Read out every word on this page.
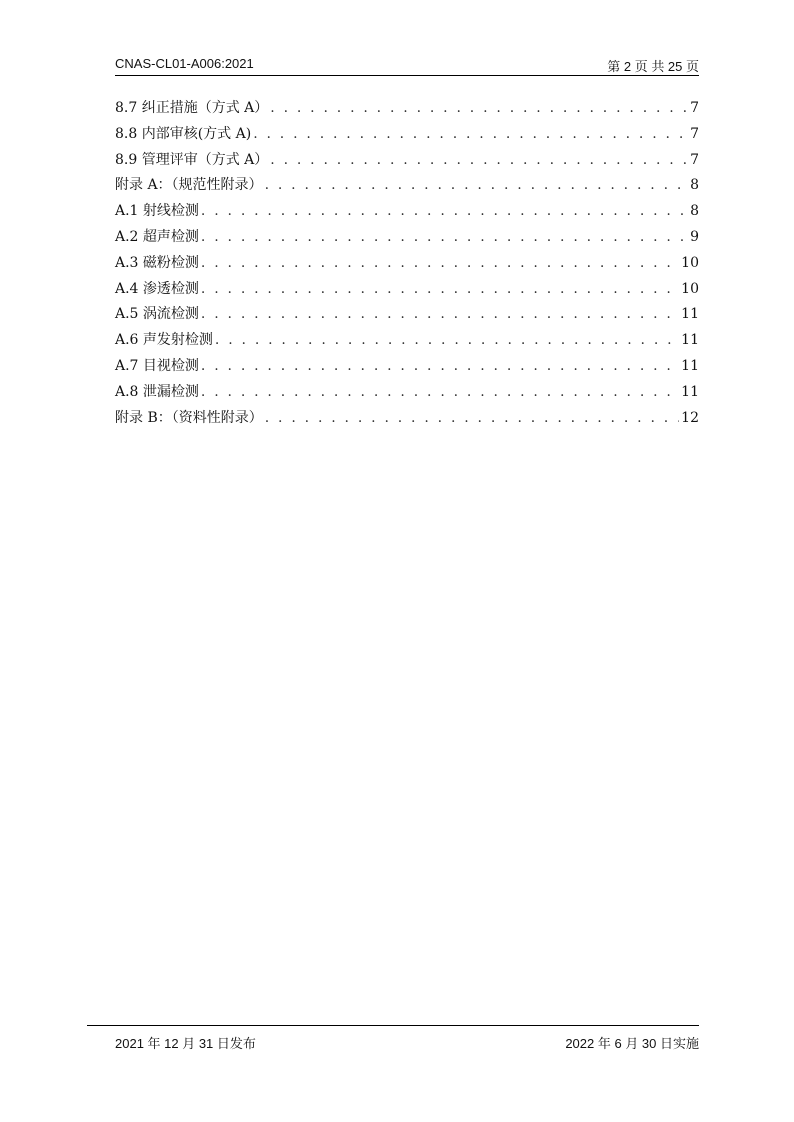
CNAS-CL01-A006:2021	第 2 页 共 25 页
8.7 纠正措施（方式 A） . . .	7
8.8 内部审核(方式 A) . . .	7
8.9 管理评审（方式 A） . . .	7
附录 A：（规范性附录） . . .	8
A.1 射线检测 . . .	8
A.2 超声检测 . . .	9
A.3 磁粉检测 . . .	10
A.4 渗透检测 . . .	10
A.5 涡流检测 . . .	11
A.6 声发射检测 . . .	11
A.7 目视检测 . . .	11
A.8 泄漏检测 . . .	11
附录 B：（资料性附录） . . .	12
2021 年 12 月 31 日发布	2022 年 6 月 30 日实施
